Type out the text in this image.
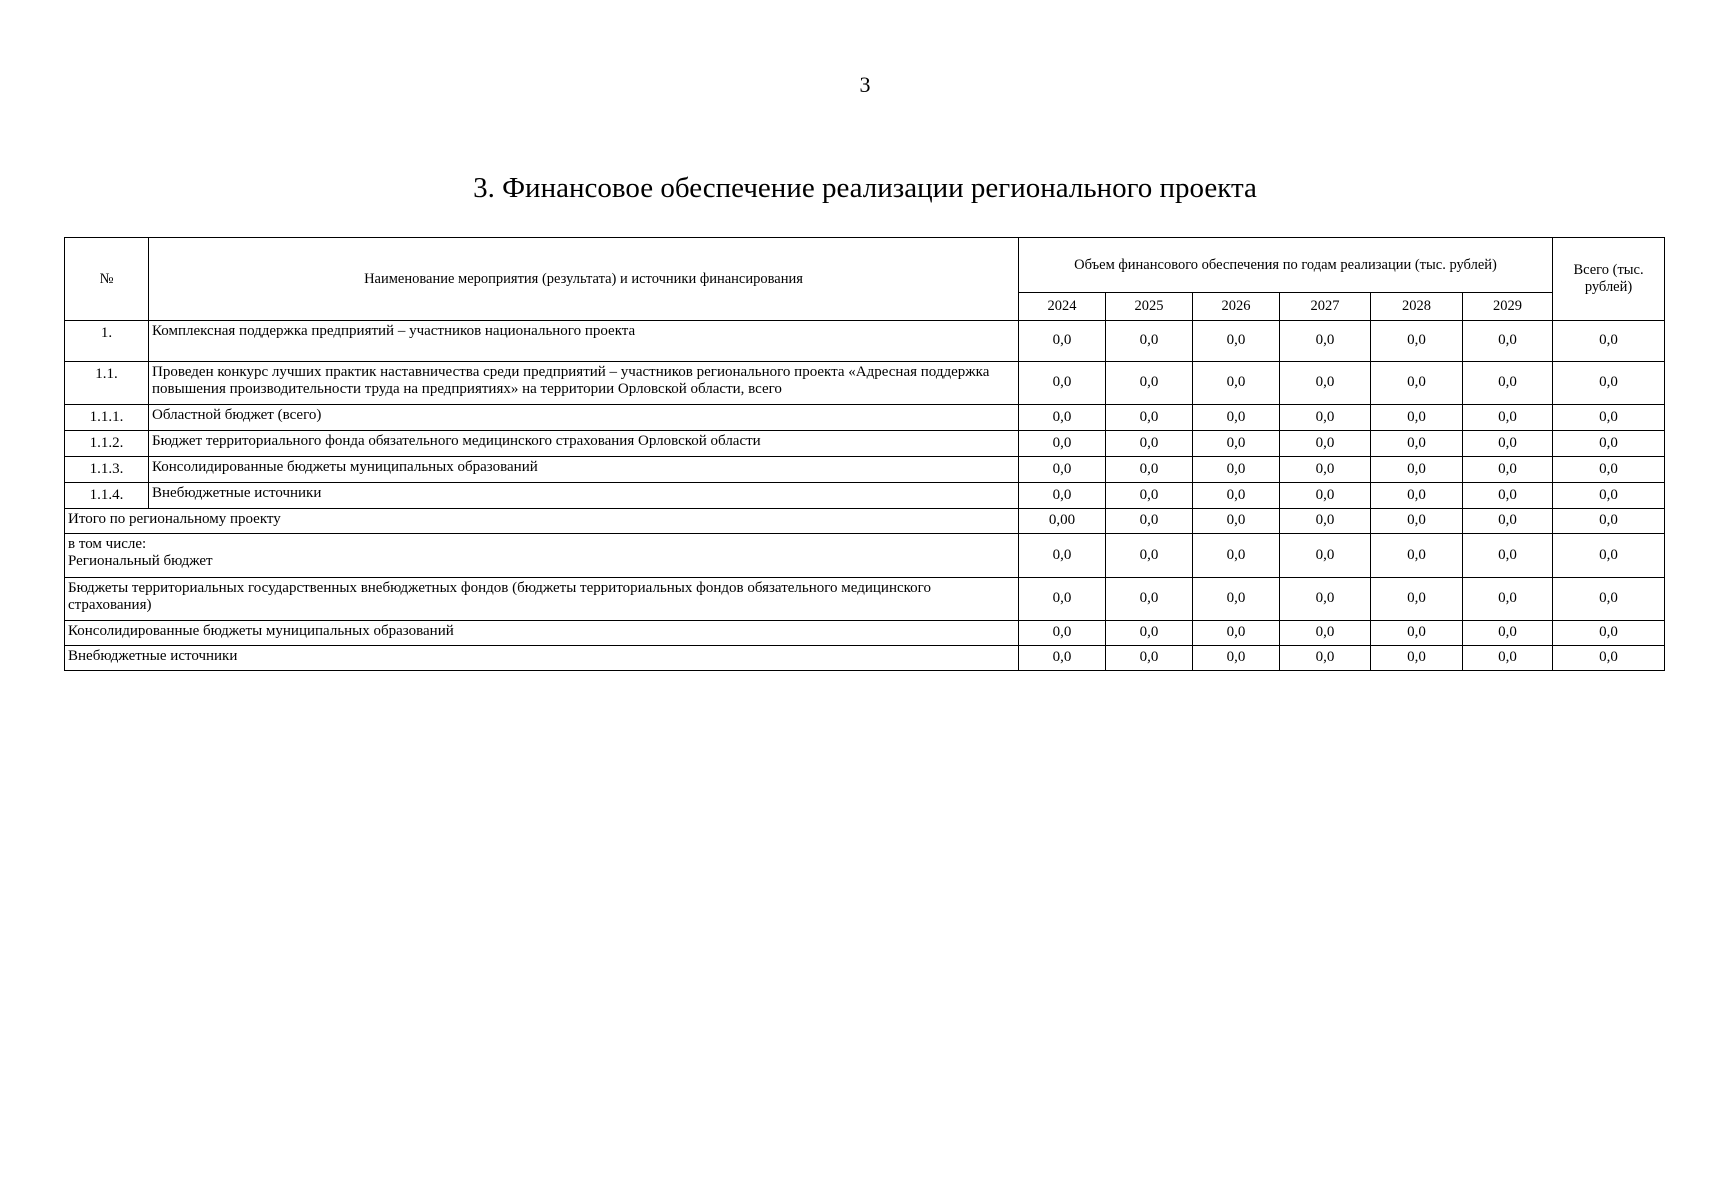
3
3. Финансовое обеспечение реализации регионального проекта
№	Наименование мероприятия (результата) и источники финансирования	Объем финансового обеспечения по годам реализации (тыс. рублей)						Всего (тыс. рублей)
		2024	2025	2026	2027	2028	2029	
1.	Комплексная поддержка предприятий – участников национального проекта	0,0	0,0	0,0	0,0	0,0	0,0	0,0
1.1.	Проведен конкурс лучших практик наставничества среди предприятий – участников регионального проекта «Адресная поддержка повышения производительности труда на предприятиях» на территории Орловской области, всего	0,0	0,0	0,0	0,0	0,0	0,0	0,0
1.1.1.	Областной бюджет (всего)	0,0	0,0	0,0	0,0	0,0	0,0	0,0
1.1.2.	Бюджет территориального фонда обязательного медицинского страхования Орловской области	0,0	0,0	0,0	0,0	0,0	0,0	0,0
1.1.3.	Консолидированные бюджеты муниципальных образований	0,0	0,0	0,0	0,0	0,0	0,0	0,0
1.1.4.	Внебюджетные источники	0,0	0,0	0,0	0,0	0,0	0,0	0,0
Итого по региональному проекту		0,00	0,0	0,0	0,0	0,0	0,0	0,0

в том числе:
Региональный бюджет		0,0	0,0	0,0	0,0	0,0	0,0	0,0
Бюджеты территориальных государственных внебюджетных фондов (бюджеты территориальных фондов обязательного медицинского страхования)		0,0	0,0	0,0	0,0	0,0	0,0	0,0
Консолидированные бюджеты муниципальных образований		0,0	0,0	0,0	0,0	0,0	0,0	0,0
Внебюджетные источники		0,0	0,0	0,0	0,0	0,0	0,0	0,0
